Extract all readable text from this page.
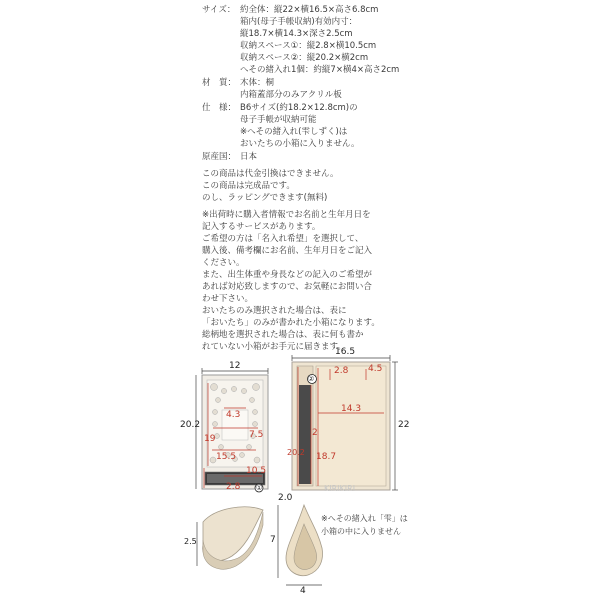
サイズ： 約全体：縦22×横16.5×高さ6.8cm
箱内(母子手帳収納)有効内寸：
縦18.7×横14.3×深さ2.5cm
収納スペース①：縦2.8×横10.5cm
収納スペース②：縦20.2×横2cm
へその緒入れ1個：約縦7×横4×高さ2cm
材　質： 木体：桐
内箱蓋部分のみアクリル板
仕　様： B6サイズ(約18.2×12.8cm)の
母子手帳が収納可能
※へその緒入れ(雫しずく)は
おいたちの小箱に入りません。
原産国： 日本
この商品は代金引換はできません。
この商品は完成品です。
のし、ラッピングできます(無料)
※出荷時に購入者情報でお名前と生年月日を
記入するサービスがあります。
ご希望の方は「名入れ希望」を選択して、
購入後、備考欄にお名前、生年月日をご記入
ください。
また、出生体重や身長などの記入のご希望が
あれば対応致しますので、お気軽にお問い合
わせ下さい。
おいたちのみ選択された場合は、表に
「おいたち」のみが書かれた小箱になります。
総柄地を選択された場合は、表に何も書か
れていない小箱がお手元に届きます。
12
20.2
4.3
7.5
19
15.5
10.5
2.8 ①
16.5
22
2.8 4.5
14.3
2
20.2 18.7
②
2.0
2.5	7
4
※へその緒入れ「雫」は
小箱の中に入りません
KIRIKIRI
